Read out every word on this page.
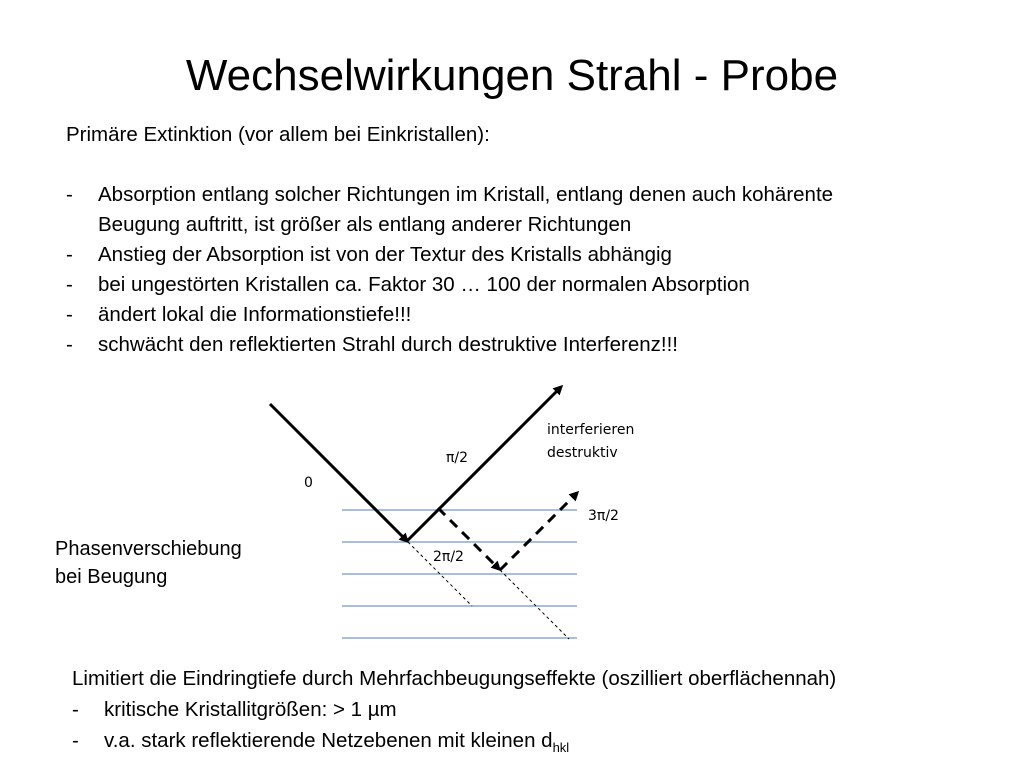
Wechselwirkungen Strahl - Probe
Primäre Extinktion (vor allem bei Einkristallen):
- Absorption entlang solcher Richtungen im Kristall, entlang denen auch kohärente
Beugung auftritt, ist größer als entlang anderer Richtungen
- Anstieg der Absorption ist von der Textur des Kristalls abhängig
- bei ungestörten Kristallen ca. Faktor 30 … 100 der normalen Absorption
- ändert lokal die Informationstiefe!!!
- schwächt den reflektierten Strahl durch destruktive Interferenz!!!
0
π/2
2π/2
3π/2
interferieren
destruktiv
Phasenverschiebung
bei Beugung
Limitiert die Eindringtiefe durch Mehrfachbeugungseffekte (oszilliert oberflächennah)
- kritische Kristallitgrößen: > 1 µm
- v.a. stark reflektierende Netzebenen mit kleinen $d_{hkl}$
